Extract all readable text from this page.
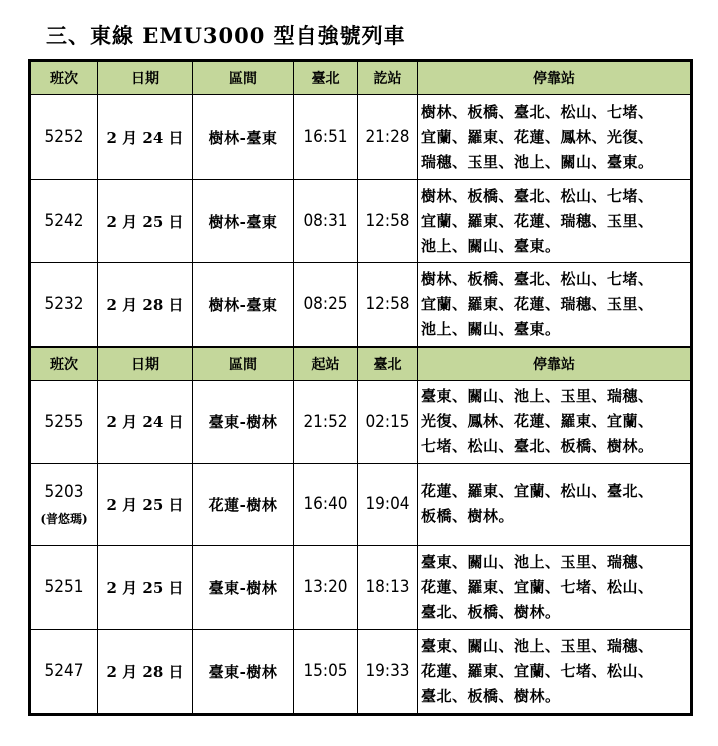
三、東線 EMU3000 型自強號列車
班次	日期	區間	臺北	訖站	停靠站
5252	2 月 24 日	樹林-臺東	16:51	21:28	樹林、板橋、臺北、松山、七堵、
宜蘭、羅東、花蓮、鳳林、光復、
瑞穗、玉里、池上、關山、臺東。

5242	2 月 25 日	樹林-臺東	08:31	12:58	樹林、板橋、臺北、松山、七堵、
宜蘭、羅東、花蓮、瑞穗、玉里、
池上、關山、臺東。

5232	2 月 28 日	樹林-臺東	08:25	12:58	樹林、板橋、臺北、松山、七堵、
宜蘭、羅東、花蓮、瑞穗、玉里、
池上、關山、臺東。

班次	日期	區間	起站	臺北	停靠站
5255	2 月 24 日	臺東-樹林	21:52	02:15	臺東、關山、池上、玉里、瑞穗、
光復、鳳林、花蓮、羅東、宜蘭、
七堵、松山、臺北、板橋、樹林。

5203
(普悠瑪)	2 月 25 日	花蓮-樹林	16:40	19:04	花蓮、羅東、宜蘭、松山、臺北、
板橋、樹林。

5251	2 月 25 日	臺東-樹林	13:20	18:13	臺東、關山、池上、玉里、瑞穗、
花蓮、羅東、宜蘭、七堵、松山、
臺北、板橋、樹林。

5247	2 月 28 日	臺東-樹林	15:05	19:33	臺東、關山、池上、玉里、瑞穗、
花蓮、羅東、宜蘭、七堵、松山、
臺北、板橋、樹林。
